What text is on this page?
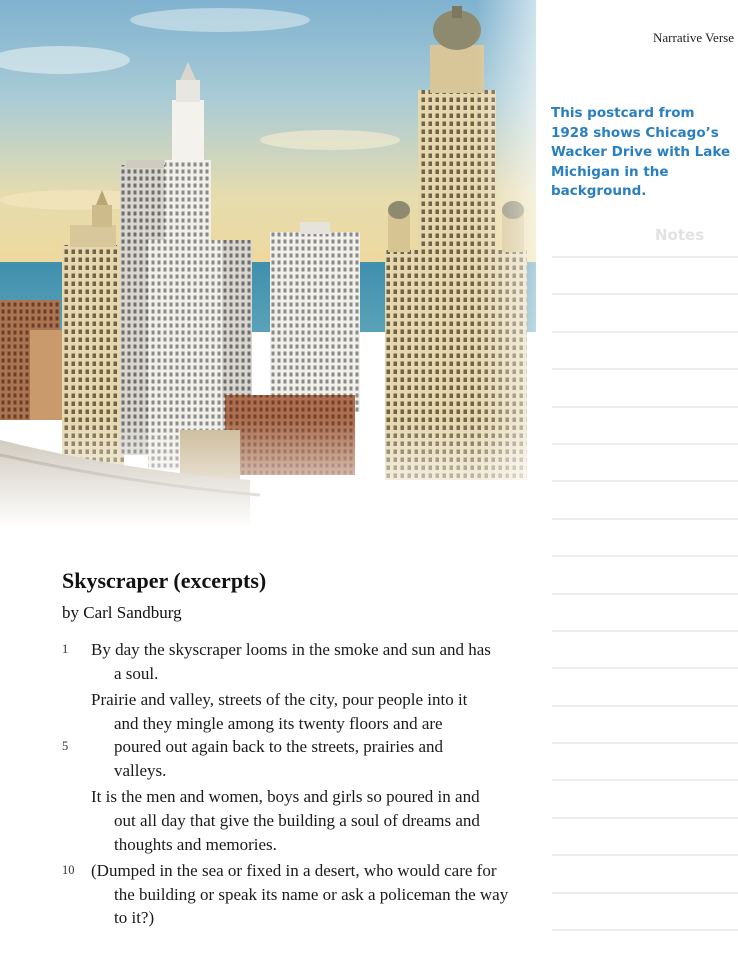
Narrative Verse
This postcard from 1928 shows Chicago’s Wacker Drive with Lake Michigan in the background.
Notes
Skyscraper (excerpts)

by Carl Sandburg

1 By day the skyscraper looms in the smoke and sun and has
a soul.
Prairie and valley, streets of the city, pour people into it
and they mingle among its twenty floors and are
5	poured out again back to the streets, prairies and
valleys.
It is the men and women, boys and girls so poured in and
out all day that give the building a soul of dreams and
thoughts and memories.
10 (Dumped in the sea or fixed in a desert, who would care for
the building or speak its name or ask a policeman the way
to it?)
